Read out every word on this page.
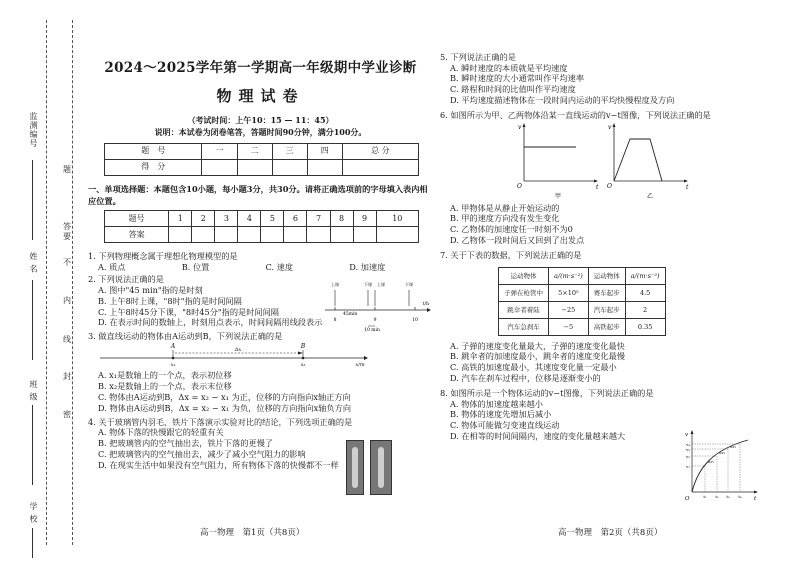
监测编号
姓 名
班 级
学 校
题
答
要
不
内
线
封
密
2024～2025学年第一学期高一年级期中学业诊断
物理试卷
（考试时间：上午10：15 — 11：45）
说明：本试卷为闭卷笔答，答题时间90分钟，满分100分。
题　号	一	二	三	四	总 分
得　分					
一、单项选择题：本题包含10小题，每小题3分，共30分。请将正确选项前的字母填入表内相应位置。
题号	1	2	3	4	5	6	7	8	9	10
答案										
1. 下列物理概念属于理想化物理模型的是
A. 质点	B. 位置	C. 速度	D. 加速度
2. 下列说法正确的是
A. 图中"45 min"指的是时刻
B. 上午8时上课，"8时"指的是时间间隔
C. 上午8时45分下课，"8时45分"指的是时间间隔
D. 在表示时间的数轴上，时刻用点表示，时间间隔用线段表示
上课	下课 上课	下课
45min
8	9	10
t/h
10 min
3. 做直线运动的物体由A运动到B，下列说法正确的是
A	B
Δx
x₁	x₂	x/m
A. x₁是数轴上的一个点，表示初位移
B. x₂是数轴上的一个点，表示末位移
C. 物体由A运动到B，Δx = x₂ − x₁ 为正，位移的方向指向x轴正方向
D. 物体由A运动到B，Δx = x₂ − x₁ 为负，位移的方向指向x轴负方向
4. 关于玻璃管内羽毛、铁片下落演示实验对比的结论，下列选项正确的是
A. 物体下落的快慢跟它的轻重有关
B. 把玻璃管内的空气抽出去，铁片下落的更慢了
C. 把玻璃管内的空气抽出去，减少了减小空气阻力的影响
D. 在现实生活中如果没有空气阻力，所有物体下落的快慢都不一样
高一物理　第1页（共8页）
5. 下列说法正确的是
A. 瞬时速度的本质就是平均速度
B. 瞬时速度的大小通常叫作平均速率
C. 路程和时间的比值叫作平均速度
D. 平均速度描述物体在一段时间内运动的平均快慢程度及方向
6. 如图所示为甲、乙两物体沿某一直线运动的v−t图像，下列说法正确的是
v
t
O
甲
v
t
O
乙
A. 甲物体是从静止开始运动的
B. 甲的速度方向没有发生变化
C. 乙物体的加速度任一时刻不为0
D. 乙物体一段时间后又回到了出发点
7. 关于下表的数据，下列说法正确的是
运动物体	a/(m·s⁻²)	运动物体	a/(m·s⁻²)
子弹在枪管中	5×10⁵	赛车起步	4.5
跳伞者着陆	−25	汽车起步	2
汽车急刹车	−5	高铁起步	0.35
A. 子弹的速度变化量最大，子弹的速度变化最快
B. 跳伞者的加速度最小，跳伞者的速度变化最慢
C. 高铁的加速度最小，其速度变化量一定最小
D. 汽车在刹车过程中，位移是逐渐变小的
8. 如图所示是一个物体运动的v−t图像，下列说法正确的是
A. 物体的加速度越来越小
B. 物体的速度先增加后减小
C. 物体可能做匀变速直线运动
D. 在相等的时间间隔内，速度的变化量越来越大
v₄
v₃
v₂
v₁
t₁ t₂ t₃ t₄
Δv₁
Δv₂
Δv₃
v
t
O
高一物理　第2页（共8页）
